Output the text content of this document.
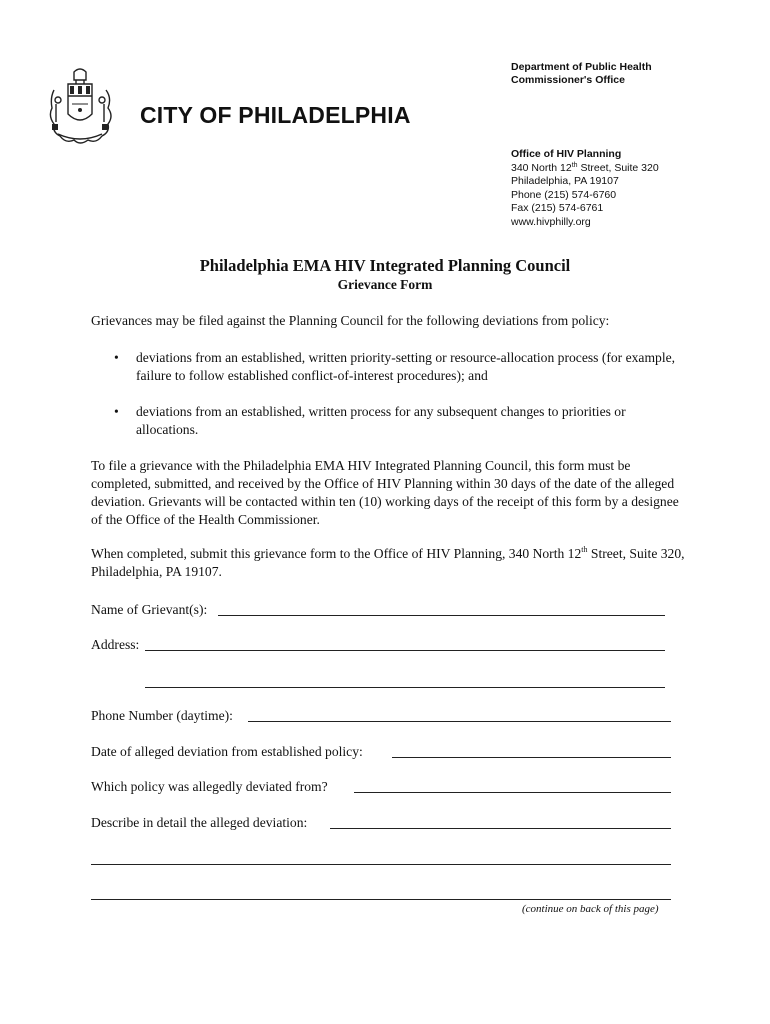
Department of Public Health
Commissioner's Office
CITY OF PHILADELPHIA
Office of HIV Planning
340 North 12th Street, Suite 320
Philadelphia, PA 19107
Phone (215) 574-6760
Fax (215) 574-6761
www.hivphilly.org
Philadelphia EMA HIV Integrated Planning Council
Grievance Form
Grievances may be filed against the Planning Council for the following deviations from policy:
• deviations from an established, written priority-setting or resource-allocation process (for example, failure to follow established conflict-of-interest procedures); and
• deviations from an established, written process for any subsequent changes to priorities or allocations.
To file a grievance with the Philadelphia EMA HIV Integrated Planning Council, this form must be completed, submitted, and received by the Office of HIV Planning within 30 days of the date of the alleged deviation. Grievants will be contacted within ten (10) working days of the receipt of this form by a designee of the Office of the Health Commissioner.
When completed, submit this grievance form to the Office of HIV Planning, 340 North 12th Street, Suite 320, Philadelphia, PA 19107.
Name of Grievant(s):
Address:
Phone Number (daytime):
Date of alleged deviation from established policy:
Which policy was allegedly deviated from?
Describe in detail the alleged deviation:
(continue on back of this page)
